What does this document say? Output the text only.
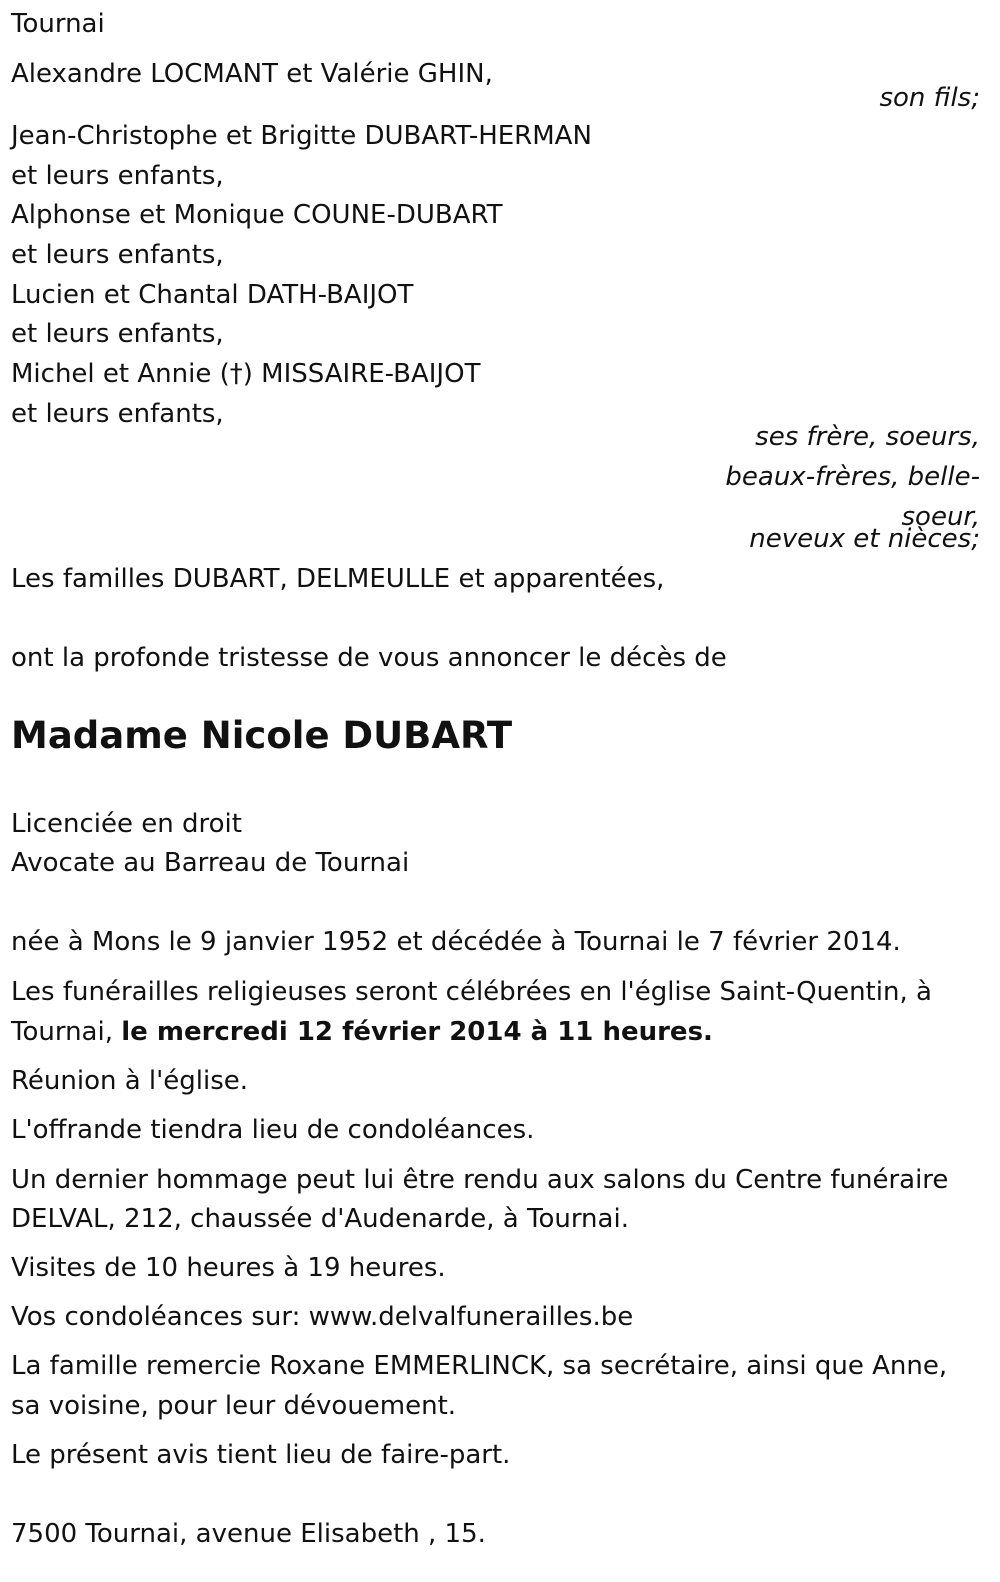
Tournai
Alexandre LOCMANT et Valérie GHIN,
son fils;
Jean-Christophe et Brigitte DUBART-HERMAN
et leurs enfants,
Alphonse et Monique COUNE-DUBART
et leurs enfants,
Lucien et Chantal DATH-BAIJOT
et leurs enfants,
Michel et Annie (†) MISSAIRE-BAIJOT
et leurs enfants,
ses frère, soeurs,
beaux-frères, belle-
soeur,
neveux et nièces;
Les familles DUBART, DELMEULLE et apparentées,
ont la profonde tristesse de vous annoncer le décès de
Madame Nicole DUBART
Licenciée en droit
Avocate au Barreau de Tournai
née à Mons le 9 janvier 1952 et décédée à Tournai le 7 février 2014.
Les funérailles religieuses seront célébrées en l'église Saint-Quentin, à
Tournai, le mercredi 12 février 2014 à 11 heures.
Réunion à l'église.
L'offrande tiendra lieu de condoléances.
Un dernier hommage peut lui être rendu aux salons du Centre funéraire
DELVAL, 212, chaussée d'Audenarde, à Tournai.
Visites de 10 heures à 19 heures.
Vos condoléances sur: www.delvalfunerailles.be
La famille remercie Roxane EMMERLINCK, sa secrétaire, ainsi que Anne,
sa voisine, pour leur dévouement.
Le présent avis tient lieu de faire-part.
7500 Tournai, avenue Elisabeth , 15.
